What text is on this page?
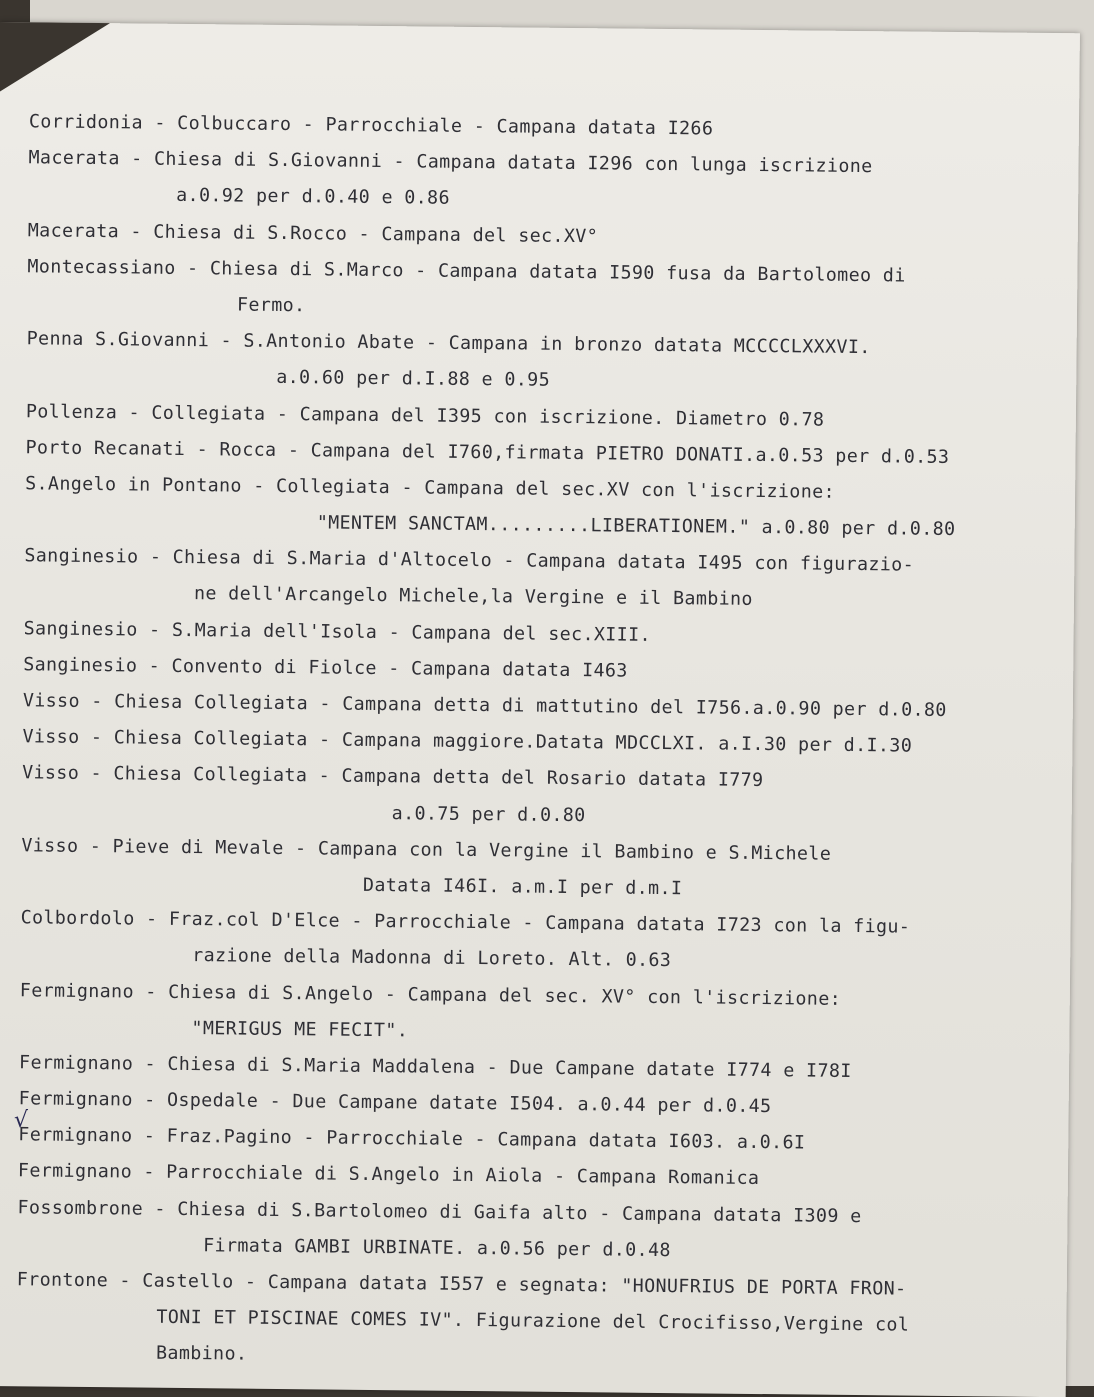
Corridonia - Colbuccaro - Parrocchiale - Campana datata I266
Macerata - Chiesa di S.Giovanni - Campana datata I296 con lunga iscrizione
a.0.92 per d.0.40 e 0.86
Macerata - Chiesa di S.Rocco - Campana del sec.XV°
Montecassiano - Chiesa di S.Marco - Campana datata I590 fusa da Bartolomeo di
Fermo.
Penna S.Giovanni - S.Antonio Abate - Campana in bronzo datata MCCCCLXXXVI.
a.0.60 per d.I.88 e 0.95
Pollenza - Collegiata - Campana del I395 con iscrizione. Diametro 0.78
Porto Recanati - Rocca - Campana del I760,firmata PIETRO DONATI.a.0.53 per d.0.53
S.Angelo in Pontano - Collegiata - Campana del sec.XV con l'iscrizione:
"MENTEM SANCTAM.........LIBERATIONEM." a.0.80 per d.0.80
Sanginesio - Chiesa di S.Maria d'Altocelo - Campana datata I495 con figurazio-
ne dell'Arcangelo Michele,la Vergine e il Bambino
Sanginesio - S.Maria dell'Isola - Campana del sec.XIII.
Sanginesio - Convento di Fiolce - Campana datata I463
Visso - Chiesa Collegiata - Campana detta di mattutino del I756.a.0.90 per d.0.80
Visso - Chiesa Collegiata - Campana maggiore.Datata MDCCLXI. a.I.30 per d.I.30
Visso - Chiesa Collegiata - Campana detta del Rosario datata I779
a.0.75 per d.0.80
Visso - Pieve di Mevale - Campana con la Vergine il Bambino e S.Michele
Datata I46I. a.m.I per d.m.I
Colbordolo - Fraz.col D'Elce - Parrocchiale - Campana datata I723 con la figu-
razione della Madonna di Loreto. Alt. 0.63
Fermignano - Chiesa di S.Angelo - Campana del sec. XV° con l'iscrizione:
"MERIGUS ME FECIT".
Fermignano - Chiesa di S.Maria Maddalena - Due Campane datate I774 e I78I
Fermignano - Ospedale - Due Campane datate I504. a.0.44 per d.0.45
Fermignano - Fraz.Pagino - Parrocchiale - Campana datata I603. a.0.6I
Fermignano - Parrocchiale di S.Angelo in Aiola - Campana Romanica
Fossombrone - Chiesa di S.Bartolomeo di Gaifa alto - Campana datata I309 e
Firmata GAMBI URBINATE. a.0.56 per d.0.48
Frontone - Castello - Campana datata I557 e segnata: "HONUFRIUS DE PORTA FRON-
TONI ET PISCINAE COMES IV". Figurazione del Crocifisso,Vergine col
Bambino.
√
